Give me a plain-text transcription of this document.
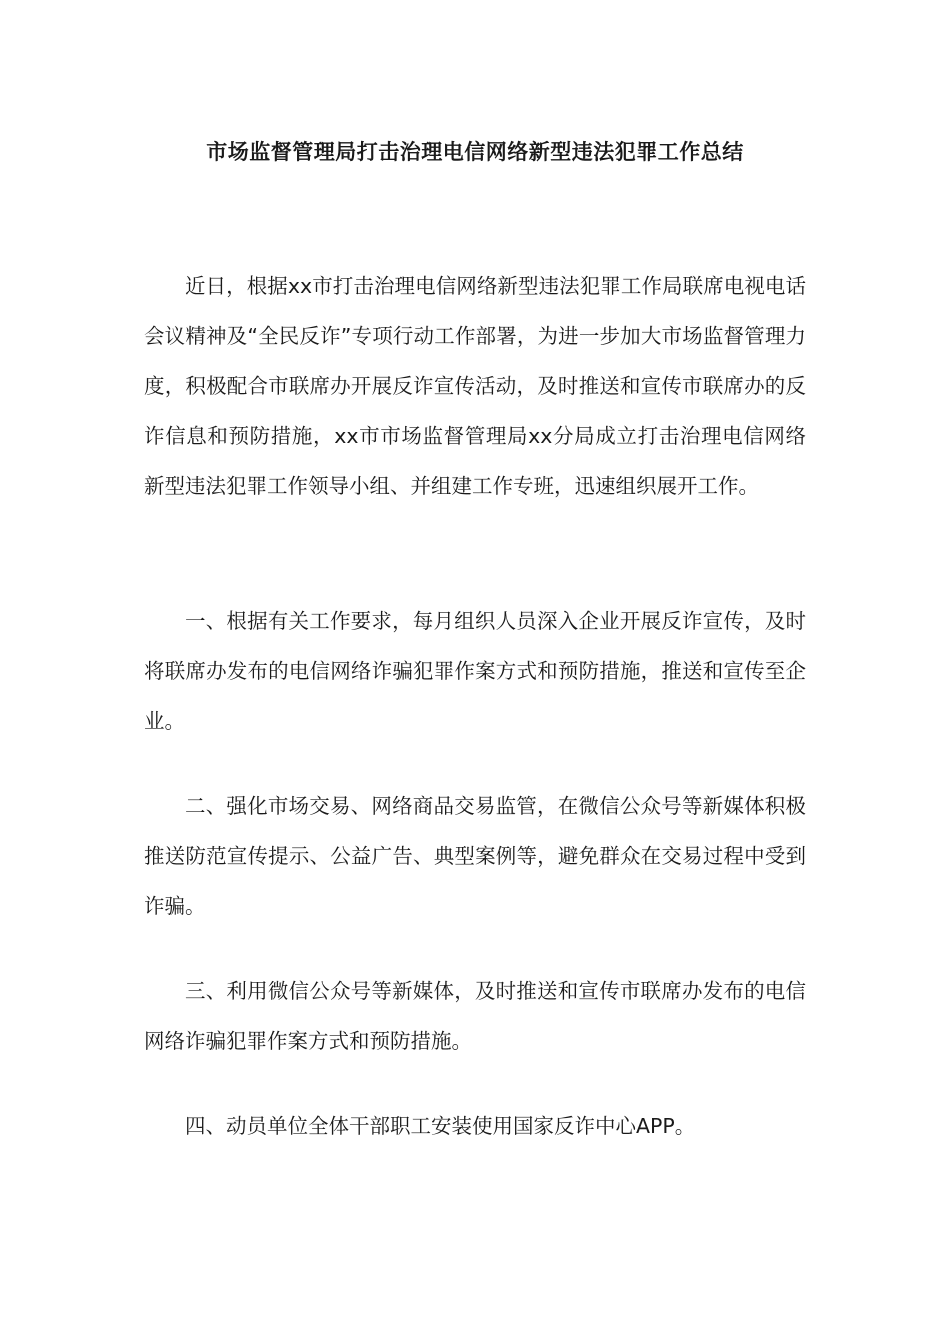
市场监督管理局打击治理电信网络新型违法犯罪工作总结

近日，根据xx市打击治理电信网络新型违法犯罪工作局联席电视电话会议精神及“全民反诈”专项行动工作部署，为进一步加大市场监督管理力度，积极配合市联席办开展反诈宣传活动，及时推送和宣传市联席办的反诈信息和预防措施，xx市市场监督管理局xx分局成立打击治理电信网络新型违法犯罪工作领导小组、并组建工作专班，迅速组织展开工作。

一、根据有关工作要求，每月组织人员深入企业开展反诈宣传，及时将联席办发布的电信网络诈骗犯罪作案方式和预防措施，推送和宣传至企业。

二、强化市场交易、网络商品交易监管，在微信公众号等新媒体积极推送防范宣传提示、公益广告、典型案例等，避免群众在交易过程中受到诈骗。

三、利用微信公众号等新媒体，及时推送和宣传市联席办发布的电信网络诈骗犯罪作案方式和预防措施。

四、动员单位全体干部职工安装使用国家反诈中心APP。
